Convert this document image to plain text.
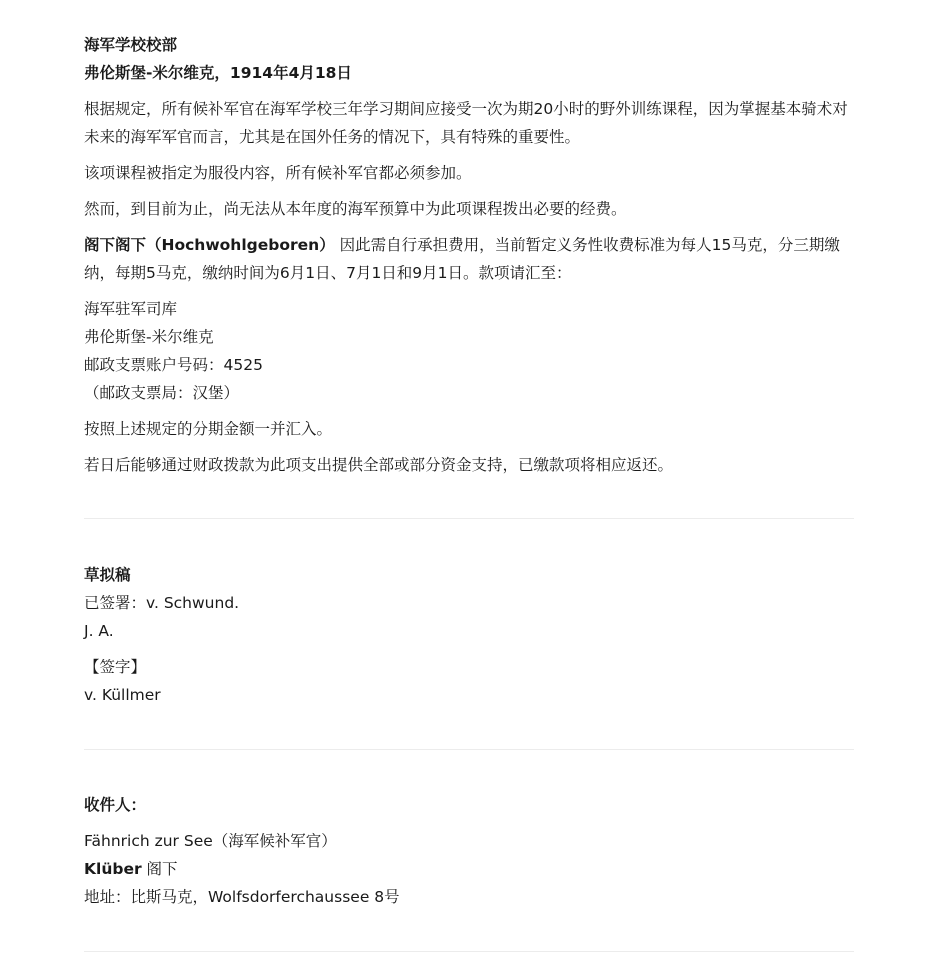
海军学校校部
弗伦斯堡-米尔维克，1914年4月18日
根据规定，所有候补军官在海军学校三年学习期间应接受一次为期20小时的野外训练课程，因为掌握基本骑术对未来的海军军官而言，尤其是在国外任务的情况下，具有特殊的重要性。
该项课程被指定为服役内容，所有候补军官都必须参加。
然而，到目前为止，尚无法从本年度的海军预算中为此项课程拨出必要的经费。
阁下阁下（Hochwohlgeboren） 因此需自行承担费用，当前暂定义务性收费标准为每人15马克，分三期缴纳，每期5马克，缴纳时间为6月1日、7月1日和9月1日。款项请汇至：
海军驻军司库
弗伦斯堡-米尔维克
邮政支票账户号码：4525
（邮政支票局：汉堡）
按照上述规定的分期金额一并汇入。
若日后能够通过财政拨款为此项支出提供全部或部分资金支持，已缴款项将相应返还。
草拟稿
已签署：v. Schwund.
J. A.
【签字】
v. Küllmer
收件人：
Fähnrich zur See（海军候补军官）
Klüber 阁下
地址：比斯马克，Wolfsdorferchaussee 8号
